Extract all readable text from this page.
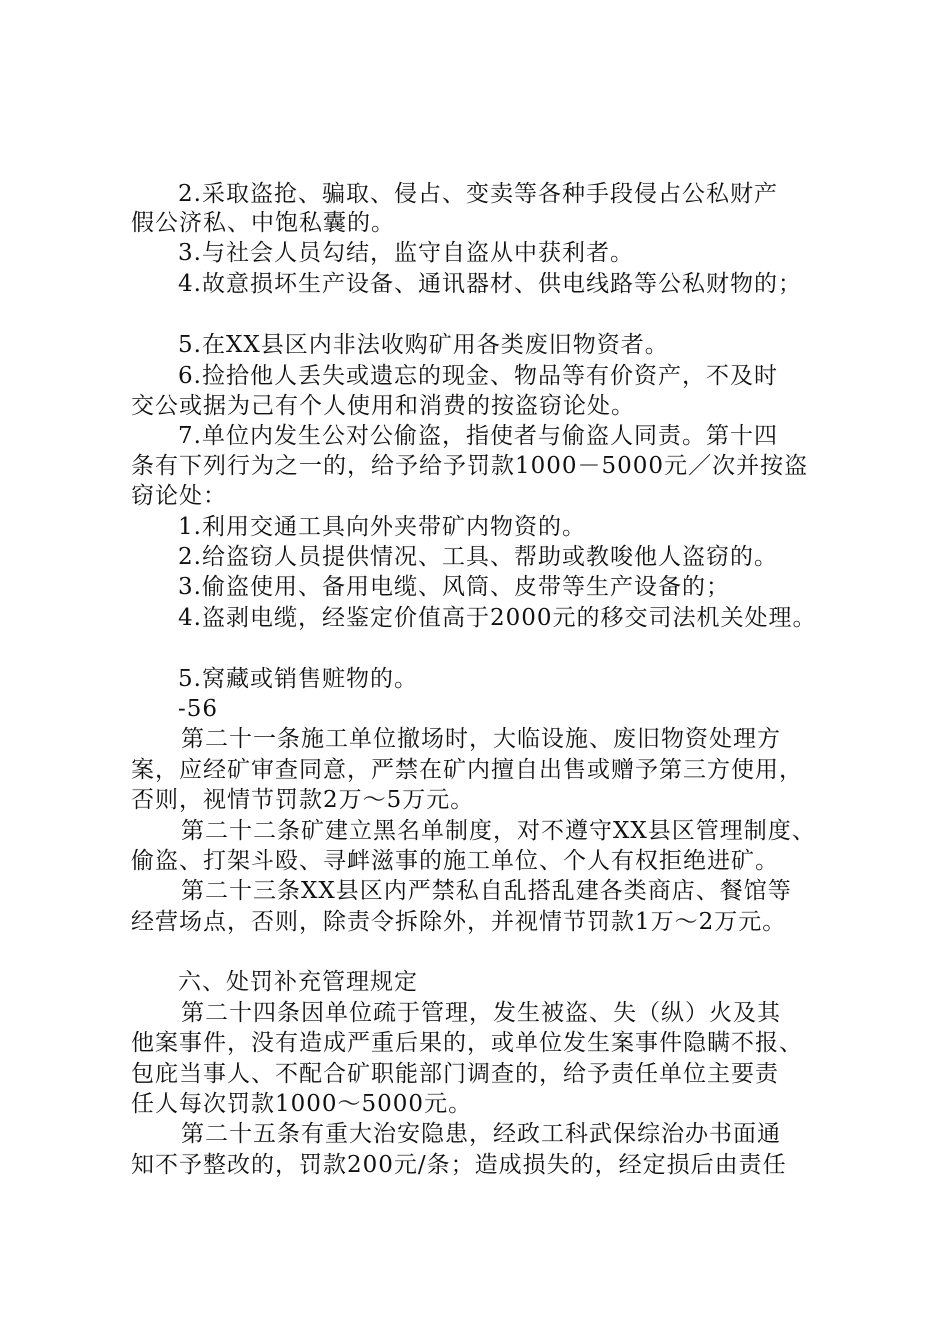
2.采取盗抢、骗取、侵占、变卖等各种手段侵占公私财产
假公济私、中饱私囊的。
3.与社会人员勾结，监守自盗从中获利者。
4.故意损坏生产设备、通讯器材、供电线路等公私财物的；
5.在XX县区内非法收购矿用各类废旧物资者。
6.捡拾他人丢失或遗忘的现金、物品等有价资产，不及时
交公或据为己有个人使用和消费的按盗窃论处。
7.单位内发生公对公偷盗，指使者与偷盗人同责。第十四
条有下列行为之一的，给予给予罚款1000－5000元／次并按盗
窃论处：
1.利用交通工具向外夹带矿内物资的。
2.给盗窃人员提供情况、工具、帮助或教唆他人盗窃的。
3.偷盗使用、备用电缆、风筒、皮带等生产设备的；
4.盗剥电缆，经鉴定价值高于2000元的移交司法机关处理。
5.窝藏或销售赃物的。
-56
第二十一条施工单位撤场时，大临设施、废旧物资处理方
案，应经矿审查同意，严禁在矿内擅自出售或赠予第三方使用，
否则，视情节罚款2万～5万元。
第二十二条矿建立黑名单制度，对不遵守XX县区管理制度、
偷盗、打架斗殴、寻衅滋事的施工单位、个人有权拒绝进矿。
第二十三条XX县区内严禁私自乱搭乱建各类商店、餐馆等
经营场点，否则，除责令拆除外，并视情节罚款1万～2万元。
六、处罚补充管理规定
第二十四条因单位疏于管理，发生被盗、失（纵）火及其
他案事件，没有造成严重后果的，或单位发生案事件隐瞒不报、
包庇当事人、不配合矿职能部门调查的，给予责任单位主要责
任人每次罚款1000～5000元。
第二十五条有重大治安隐患，经政工科武保综治办书面通
知不予整改的，罚款200元/条；造成损失的，经定损后由责任
